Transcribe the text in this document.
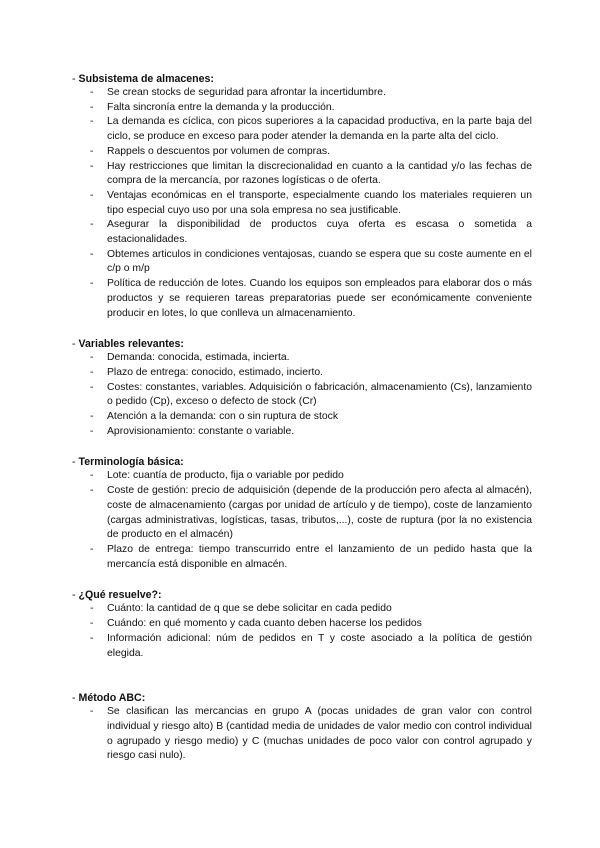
- Subsistema de almacenes:

- Se crean stocks de seguridad para afrontar la incertidumbre.
- Falta sincronía entre la demanda y la producción.
- La demanda es cíclica, con picos superiores a la capacidad productiva, en la parte baja del ciclo, se produce en exceso para poder atender la demanda en la parte alta del ciclo.
- Rappels o descuentos por volumen de compras.
- Hay restricciones que limitan la discrecionalidad en cuanto a la cantidad y/o las fechas de compra de la mercancía, por razones logísticas o de oferta.
- Ventajas económicas en el transporte, especialmente cuando los materiales requieren un tipo especial cuyo uso por una sola empresa no sea justificable.
- Asegurar la disponibilidad de productos cuya oferta es escasa o sometida a estacionalidades.
- Obtemes articulos in condiciones ventajosas, cuando se espera que su coste aumente en el c/p o m/p
- Política de reducción de lotes. Cuando los equipos son empleados para elaborar dos o más productos y se requieren tareas preparatorias puede ser económicamente conveniente producir en lotes, lo que conlleva un almacenamiento.

- Variables relevantes:

- Demanda: conocida, estimada, incierta.
- Plazo de entrega: conocido, estimado, incierto.
- Costes: constantes, variables. Adquisición o fabricación, almacenamiento (Cs), lanzamiento o pedido (Cp), exceso o defecto de stock (Cr)
- Atención a la demanda: con o sin ruptura de stock
- Aprovisionamiento: constante o variable.

- Terminología básica:

- Lote: cuantía de producto, fija o variable por pedido
- Coste de gestión: precio de adquisición (depende de la producción pero afecta al almacén), coste de almacenamiento (cargas por unidad de artículo y de tiempo), coste de lanzamiento (cargas administrativas, logísticas, tasas, tributos,...), coste de ruptura (por la no existencia de producto en el almacén)
- Plazo de entrega: tiempo transcurrido entre el lanzamiento de un pedido hasta que la mercancía está disponible en almacén.

- ¿Qué resuelve?:

- Cuánto: la cantidad de q que se debe solicitar en cada pedido
- Cuándo: en qué momento y cada cuanto deben hacerse los pedidos
- Información adicional: núm de pedidos en T y coste asociado a la política de gestión elegida.

- Método ABC:

- Se clasifican las mercancias en grupo A (pocas unidades de gran valor con control individual y riesgo alto) B (cantidad media de unidades de valor medio con control individual o agrupado y riesgo medio) y C (muchas unidades de poco valor con control agrupado y riesgo casi nulo).
